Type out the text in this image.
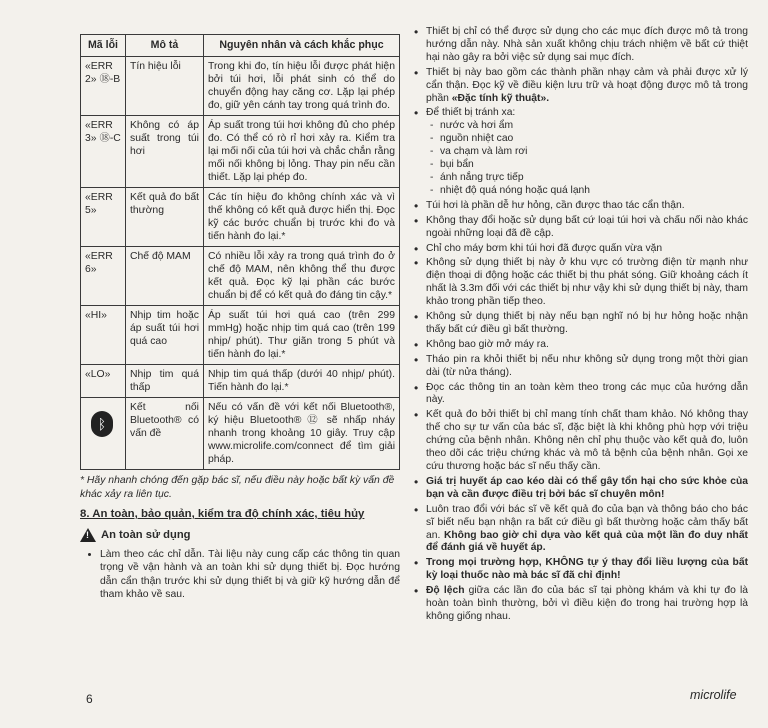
Mã lỗi	Mô tả	Nguyên nhân và cách khắc phục
«ERR 2» ⑱-B	Tín hiệu lỗi	Trong khi đo, tín hiệu lỗi được phát hiện bởi túi hơi, lỗi phát sinh có thể do chuyển động hay căng cơ. Lặp lại phép đo, giữ yên cánh tay trong quá trình đo.
«ERR 3» ⑱-C	Không có áp suất trong túi hơi	Áp suất trong túi hơi không đủ cho phép đo. Có thể có rò rỉ hơi xảy ra. Kiểm tra lại mối nối của túi hơi và chắc chắn rằng mối nối không bị lỏng. Thay pin nếu cần thiết. Lặp lại phép đo.
«ERR 5»	Kết quả đo bất thường	Các tín hiệu đo không chính xác và vì thế không có kết quả được hiển thị. Đọc kỹ các bước chuẩn bị trước khi đo và tiến hành đo lại.*
«ERR 6»	Chế độ MAM	Có nhiều lỗi xảy ra trong quá trình đo ở chế độ MAM, nên không thể thu được kết quả. Đọc kỹ lại phần các bước chuẩn bị để có kết quả đo đáng tin cậy.*
«HI»	Nhịp tim hoặc áp suất túi hơi quá cao	Áp suất túi hơi quá cao (trên 299 mmHg) hoặc nhịp tim quá cao (trên 199 nhịp/ phút). Thư giãn trong 5 phút và tiến hành đo lại.*
«LO»	Nhịp tim quá thấp	Nhịp tim quá thấp (dưới 40 nhịp/ phút). Tiến hành đo lại.*
ᛒ	Kết nối Bluetooth® có vấn đề	Nếu có vấn đề với kết nối Bluetooth®, ký hiệu Bluetooth® ⑫ sẽ nhấp nháy nhanh trong khoảng 10 giây. Truy cập www.microlife.com/connect để tìm giải pháp.
* Hãy nhanh chóng đến gặp bác sĩ, nếu điều này hoặc bất kỳ vấn đề khác xảy ra liên tục.
8. An toàn, bảo quản, kiểm tra độ chính xác, tiêu hủy
! An toàn sử dụng
• Làm theo các chỉ dẫn. Tài liệu này cung cấp các thông tin quan trọng về vận hành và an toàn khi sử dụng thiết bị. Đọc hướng dẫn cẩn thận trước khi sử dụng thiết bị và giữ kỹ hướng dẫn để tham khảo về sau.
6
• Thiết bị chỉ có thể được sử dụng cho các mục đích được mô tả trong hướng dẫn này. Nhà sản xuất không chịu trách nhiệm về bất cứ thiệt hại nào gây ra bởi việc sử dụng sai mục đích.
• Thiết bị này bao gồm các thành phần nhạy cảm và phải được xử lý cẩn thận. Đọc kỹ về điều kiện lưu trữ và hoạt động được mô tả trong phần «Đặc tính kỹ thuật».
• Để thiết bị tránh xa:
- nước và hơi ẩm
- nguồn nhiệt cao
- va chạm và làm rơi
- bụi bẩn
- ánh nắng trực tiếp
- nhiệt độ quá nóng hoặc quá lạnh
• Túi hơi là phần dễ hư hỏng, cần được thao tác cẩn thận.
• Không thay đổi hoặc sử dụng bất cứ loại túi hơi và chấu nối nào khác ngoài những loại đã đề cập.
• Chỉ cho máy bơm khi túi hơi đã được quấn vừa vặn
• Không sử dụng thiết bị này ở khu vực có trường điện từ mạnh như điện thoại di động hoặc các thiết bị thu phát sóng. Giữ khoảng cách ít nhất là 3.3m đối với các thiết bị như vậy khi sử dụng thiết bị này, tham khảo trong phần tiếp theo.
• Không sử dụng thiết bị này nếu bạn nghĩ nó bị hư hỏng hoặc nhận thấy bất cứ điều gì bất thường.
• Không bao giờ mở máy ra.
• Tháo pin ra khỏi thiết bị nếu như không sử dụng trong một thời gian dài (từ nửa tháng).
• Đọc các thông tin an toàn kèm theo trong các mục của hướng dẫn này.
• Kết quả đo bởi thiết bị chỉ mang tính chất tham khảo. Nó không thay thế cho sự tư vấn của bác sĩ, đặc biệt là khi không phù hợp với triệu chứng của bệnh nhân. Không nên chỉ phụ thuộc vào kết quả đo, luôn theo dõi các triệu chứng khác và mô tả bệnh của bệnh nhân. Gọi xe cứu thương hoặc bác sĩ nếu thấy cần.
• Giá trị huyết áp cao kéo dài có thể gây tổn hại cho sức khỏe của bạn và cần được điều trị bởi bác sĩ chuyên môn!
• Luôn trao đổi với bác sĩ về kết quả đo của bạn và thông báo cho bác sĩ biết nếu bạn nhận ra bất cứ điều gì bất thường hoặc cảm thấy bất an. Không bao giờ chỉ dựa vào kết quả của một lần đo duy nhất để đánh giá về huyết áp.
• Trong mọi trường hợp, KHÔNG tự ý thay đổi liều lượng của bất kỳ loại thuốc nào mà bác sĩ đã chỉ định!
• Độ lệch giữa các lần đo của bác sĩ tại phòng khám và khi tự đo là hoàn toàn bình thường, bởi vì điều kiện đo trong hai trường hợp là không giống nhau.
microlife
